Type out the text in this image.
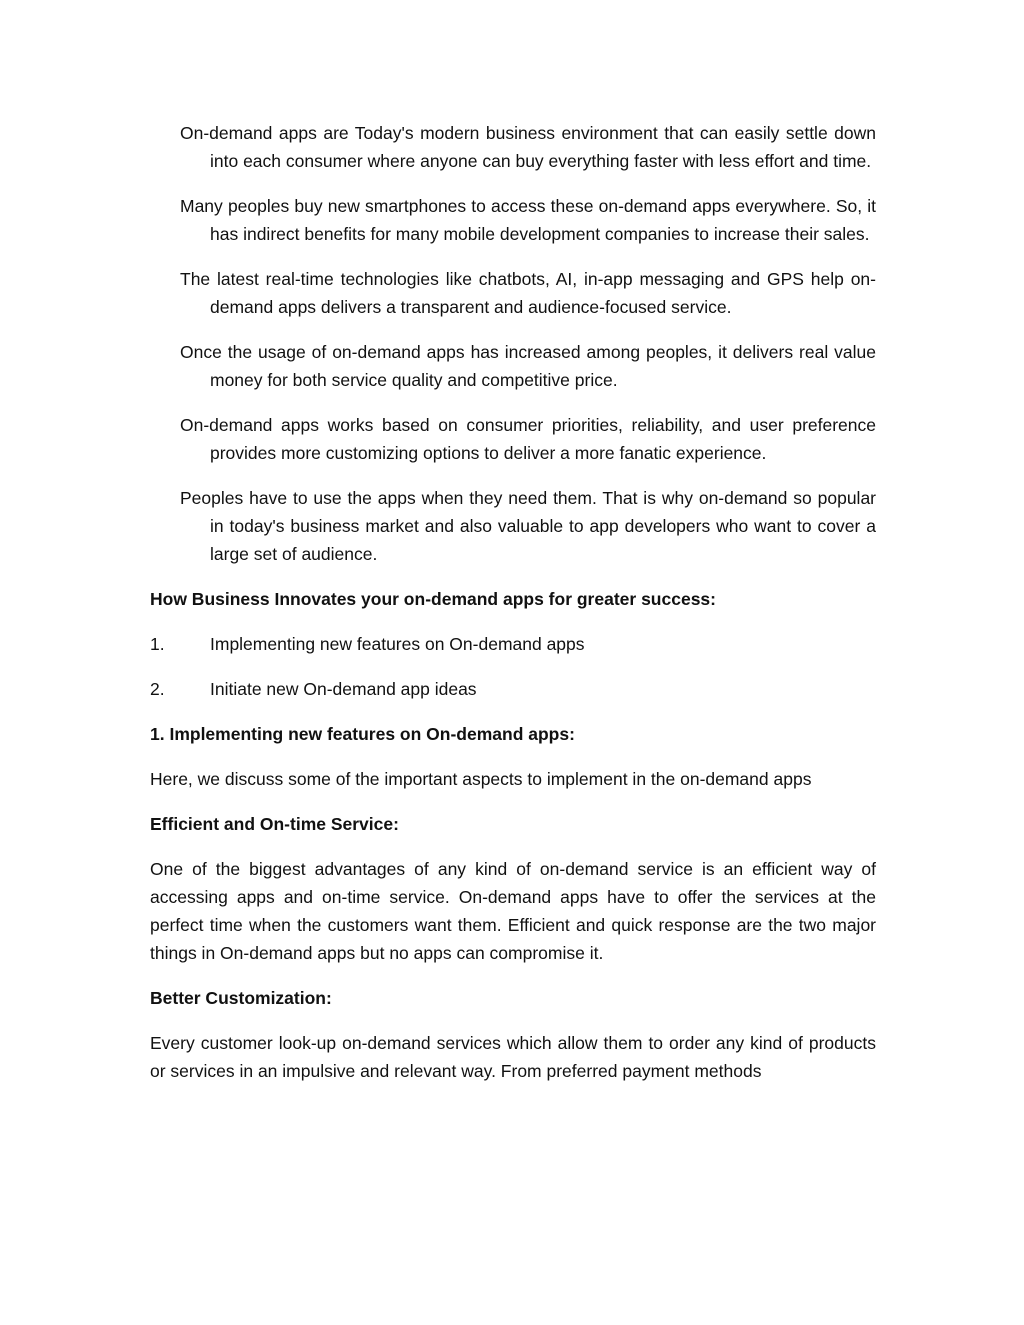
On-demand apps are Today's modern business environment that can easily settle down into each consumer where anyone can buy everything faster with less effort and time.

Many peoples buy new smartphones to access these on-demand apps everywhere. So, it has indirect benefits for many mobile development companies to increase their sales.

The latest real-time technologies like chatbots, AI, in-app messaging and GPS help on-demand apps delivers a transparent and audience-focused service.

Once the usage of on-demand apps has increased among peoples, it delivers real value money for both service quality and competitive price.

On-demand apps works based on consumer priorities, reliability, and user preference provides more customizing options to deliver a more fanatic experience.

Peoples have to use the apps when they need them. That is why on-demand so popular in today's business market and also valuable to app developers who want to cover a large set of audience.

How Business Innovates your on-demand apps for greater success:

1.	Implementing new features on On-demand apps
2.	Initiate new On-demand app ideas

1. Implementing new features on On-demand apps:

Here, we discuss some of the important aspects to implement in the on-demand apps

Efficient and On-time Service:

One of the biggest advantages of any kind of on-demand service is an efficient way of accessing apps and on-time service. On-demand apps have to offer the services at the perfect time when the customers want them. Efficient and quick response are the two major things in On-demand apps but no apps can compromise it.

Better Customization:

Every customer look-up on-demand services which allow them to order any kind of products or services in an impulsive and relevant way. From preferred payment methods
